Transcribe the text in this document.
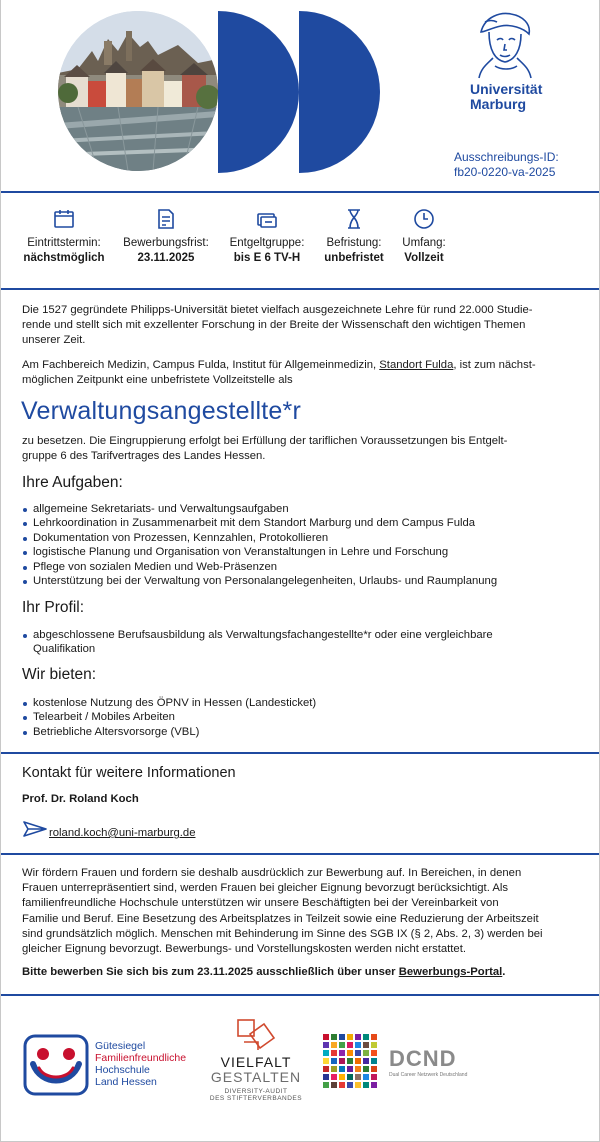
Universität
Marburg
Ausschreibungs-ID:
fb20-0220-va-2025
Eintrittstermin:
nächstmöglich
Bewerbungsfrist:
23.11.2025
Entgeltgruppe:
bis E 6 TV-H
Befristung:
unbefristet
Umfang:
Vollzeit
Die 1527 gegründete Philipps-Universität bietet vielfach ausgezeichnete Lehre für rund 22.000 Studie-
rende und stellt sich mit exzellenter Forschung in der Breite der Wissenschaft den wichtigen Themen
unserer Zeit.
Am Fachbereich Medizin, Campus Fulda, Institut für Allgemeinmedizin, Standort Fulda, ist zum nächst-
möglichen Zeitpunkt eine unbefristete Vollzeitstelle als
Verwaltungsangestellte*r
zu besetzen. Die Eingruppierung erfolgt bei Erfüllung der tariflichen Voraussetzungen bis Entgelt-
gruppe 6 des Tarifvertrages des Landes Hessen.
Ihre Aufgaben:
allgemeine Sekretariats- und Verwaltungsaufgaben
Lehrkoordination in Zusammenarbeit mit dem Standort Marburg und dem Campus Fulda
Dokumentation von Prozessen, Kennzahlen, Protokollieren
logistische Planung und Organisation von Veranstaltungen in Lehre und Forschung
Pflege von sozialen Medien und Web-Präsenzen
Unterstützung bei der Verwaltung von Personalangelegenheiten, Urlaubs- und Raumplanung
Ihr Profil:
abgeschlossene Berufsausbildung als Verwaltungsfachangestellte*r oder eine vergleichbare
Qualifikation
Wir bieten:
kostenlose Nutzung des ÖPNV in Hessen (Landesticket)
Telearbeit / Mobiles Arbeiten
Betriebliche Altersvorsorge (VBL)
Kontakt für weitere Informationen
Prof. Dr. Roland Koch
roland.koch@uni-marburg.de
Wir fördern Frauen und fordern sie deshalb ausdrücklich zur Bewerbung auf. In Bereichen, in denen
Frauen unterrepräsentiert sind, werden Frauen bei gleicher Eignung bevorzugt berücksichtigt. Als
familienfreundliche Hochschule unterstützen wir unsere Beschäftigten bei der Vereinbarkeit von
Familie und Beruf. Eine Besetzung des Arbeitsplatzes in Teilzeit sowie eine Reduzierung der Arbeitszeit
sind grundsätzlich möglich. Menschen mit Behinderung im Sinne des SGB IX (§ 2, Abs. 2, 3) werden bei
gleicher Eignung bevorzugt. Bewerbungs- und Vorstellungskosten werden nicht erstattet.
Bitte bewerben Sie sich bis zum 23.11.2025 ausschließlich über unser Bewerbungs-Portal.
Gütesiegel
Familienfreundliche
Hochschule
Land Hessen
VIELFALT
GESTALTEN
DIVERSITY-AUDIT
DES STIFTERVERBANDES
DCND
Dual Career Netzwerk Deutschland
